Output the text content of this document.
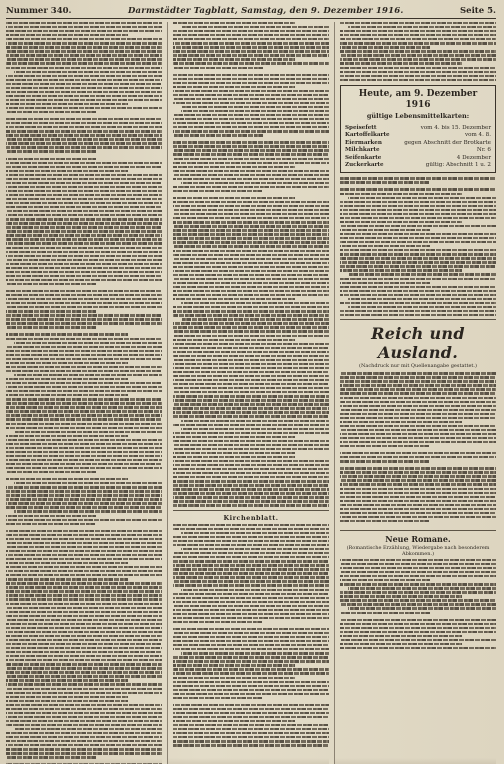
Nummer 340.	Darmstädter Tagblatt, Samstag, den 9. Dezember 1916.	Seite 5.
Kirchenblatt.
Heute, am 9. Dezember 1916
gültige Lebensmittelkarten:
Speisefett	vom 4. bis 15. Dezember
Kartoffelkarte	vom 4. 8.
Eiermarken	gegen Abschnitt der Brotkarte
Milchkarte	Nr. 6
Seifenkarte	4 Dezember
Zuckerkarte	gültig: Abschnitt 1 u. 2
Reich und Ausland.
(Nachdruck nur mit Quellenangabe gestattet.)
Neue Romane.
(Romantische Erzählung, Wiedergabe nach besonderem Abkommen.)
